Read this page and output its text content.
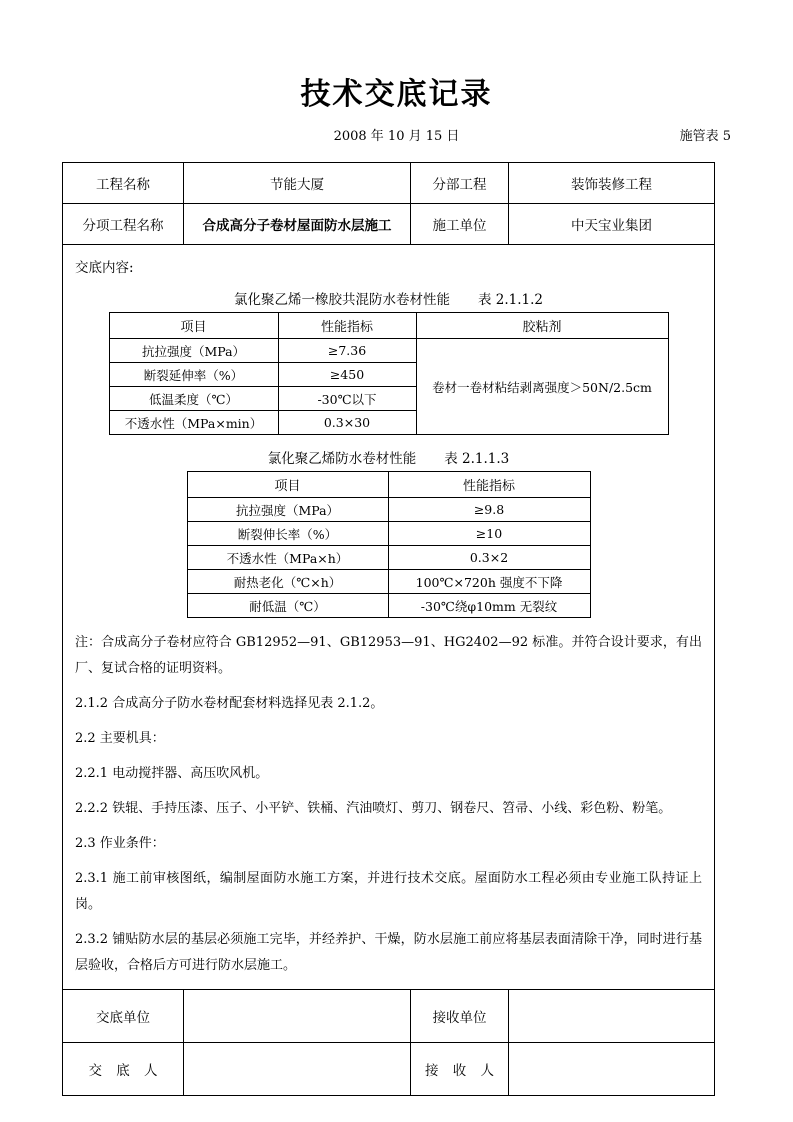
技术交底记录
2008 年 10 月 15 日	施管表 5
工程名称	节能大厦	分部工程	装饰装修工程
分项工程名称	合成高分子卷材屋面防水层施工	施工单位	中天宝业集团

交底内容:
氯化聚乙烯一橡胶共混防水卷材性能 表 2.1.1.2
项目	性能指标	胶粘剂
抗拉强度（MPa）	≥7.36	卷材一卷材粘结剥离强度＞50N/2.5cm
断裂延伸率（%）	≥450
低温柔度（℃）	-30℃以下
不透水性（MPa×min）	0.3×30
氯化聚乙烯防水卷材性能 表 2.1.1.3
项目	性能指标
抗拉强度（MPa）	≥9.8
断裂伸长率（%）	≥10
不透水性（MPa×h）	0.3×2
耐热老化（℃×h）	100℃×720h 强度不下降
耐低温（℃）	-30℃绕φ10mm 无裂纹

注：合成高分子卷材应符合 GB12952—91、GB12953—91、HG2402—92 标准。并符合设计要求，有出厂、复试合格的证明资料。

2.1.2 合成高分子防水卷材配套材料选择见表 2.1.2。

2.2 主要机具：

2.2.1 电动搅拌器、高压吹风机。

2.2.2 铁辊、手持压漆、压子、小平铲、铁桶、汽油喷灯、剪刀、钢卷尺、笤帚、小线、彩色粉、粉笔。

2.3 作业条件：

2.3.1 施工前审核图纸，编制屋面防水施工方案，并进行技术交底。屋面防水工程必须由专业施工队持证上岗。

2.3.2 铺贴防水层的基层必须施工完毕，并经养护、干燥，防水层施工前应将基层表面清除干净，同时进行基层验收，合格后方可进行防水层施工。

交底单位		接收单位	
交 底 人		接 收 人	
